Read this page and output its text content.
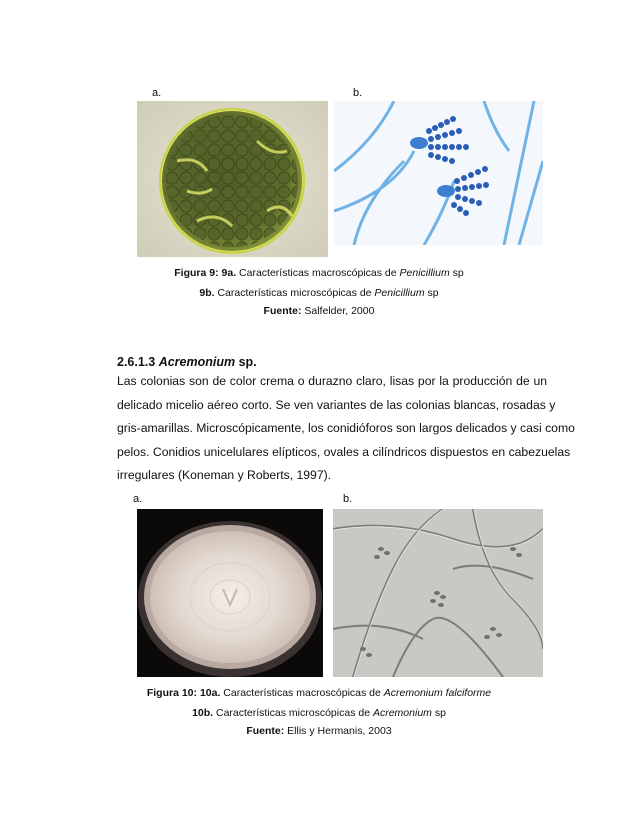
a.	b.
Figura 9: 9a. Características macroscópicas de Penicillium sp
9b. Características microscópicas de Penicillium sp
Fuente: Salfelder, 2000
2.6.1.3 Acremonium sp.
Las colonias son de color crema o durazno claro, lisas por la producción de un
delicado micelio aéreo corto. Se ven variantes de las colonias blancas, rosadas y
gris-amarillas. Microscópicamente, los conidióforos son largos delicados y casi como
pelos. Conidios unicelulares elípticos, ovales a cilíndricos dispuestos en cabezuelas
irregulares (Koneman y Roberts, 1997).
a.	b.
Figura 10: 10a. Características macroscópicas de Acremonium falciforme
10b. Características microscópicas de Acremonium sp
Fuente: Ellis y Hermanis, 2003
